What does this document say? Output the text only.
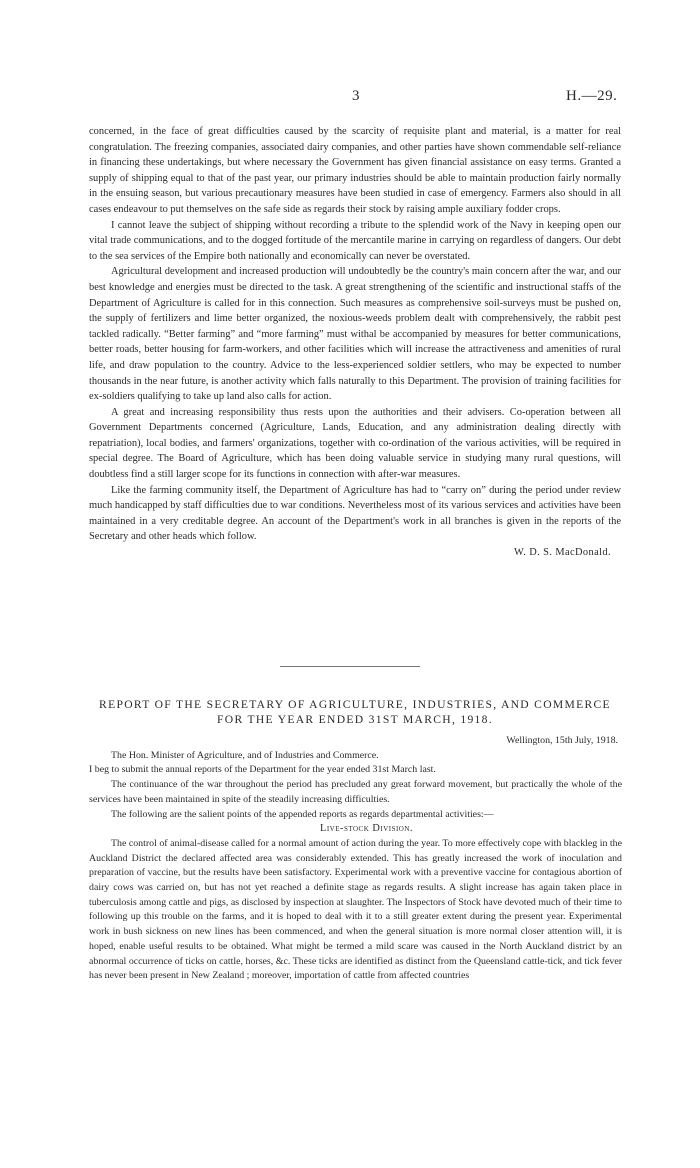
3	H.—29.

concerned, in the face of great difficulties caused by the scarcity of requisite plant and material, is a matter for real congratulation. The freezing companies, associated dairy companies, and other parties have shown commendable self-reliance in financing these undertakings, but where necessary the Government has given financial assistance on easy terms. Granted a supply of shipping equal to that of the past year, our primary industries should be able to maintain production fairly normally in the ensuing season, but various precautionary measures have been studied in case of emergency. Farmers also should in all cases endeavour to put themselves on the safe side as regards their stock by raising ample auxiliary fodder crops.

I cannot leave the subject of shipping without recording a tribute to the splendid work of the Navy in keeping open our vital trade communications, and to the dogged fortitude of the mercantile marine in carrying on regardless of dangers. Our debt to the sea services of the Empire both nationally and economically can never be overstated.

Agricultural development and increased production will undoubtedly be the country's main concern after the war, and our best knowledge and energies must be directed to the task. A great strengthening of the scientific and instructional staffs of the Department of Agriculture is called for in this connection. Such measures as comprehensive soil-surveys must be pushed on, the supply of fertilizers and lime better organized, the noxious-weeds problem dealt with comprehensively, the rabbit pest tackled radically. “Better farming” and “more farming” must withal be accompanied by measures for better communications, better roads, better housing for farm-workers, and other facilities which will increase the attractiveness and amenities of rural life, and draw population to the country. Advice to the less-experienced soldier settlers, who may be expected to number thousands in the near future, is another activity which falls naturally to this Department. The provision of training facilities for ex-soldiers qualifying to take up land also calls for action.

A great and increasing responsibility thus rests upon the authorities and their advisers. Co-operation between all Government Departments concerned (Agriculture, Lands, Education, and any administration dealing directly with repatriation), local bodies, and farmers' organizations, together with co-ordination of the various activities, will be required in special degree. The Board of Agriculture, which has been doing valuable service in studying many rural questions, will doubtless find a still larger scope for its functions in connection with after-war measures.

Like the farming community itself, the Department of Agriculture has had to “carry on” during the period under review much handicapped by staff difficulties due to war conditions. Nevertheless most of its various services and activities have been maintained in a very creditable degree. An account of the Department's work in all branches is given in the reports of the Secretary and other heads which follow.

W. D. S. MacDonald.

REPORT OF THE SECRETARY OF AGRICULTURE, INDUSTRIES, AND COMMERCE
FOR THE YEAR ENDED 31ST MARCH, 1918.

Wellington, 15th July, 1918.

The Hon. Minister of Agriculture, and of Industries and Commerce.

I beg to submit the annual reports of the Department for the year ended 31st March last.

The continuance of the war throughout the period has precluded any great forward movement, but practically the whole of the services have been maintained in spite of the steadily increasing difficulties.

The following are the salient points of the appended reports as regards departmental activities:—

Live-stock Division.

The control of animal-disease called for a normal amount of action during the year. To more effectively cope with blackleg in the Auckland District the declared affected area was considerably extended. This has greatly increased the work of inoculation and preparation of vaccine, but the results have been satisfactory. Experimental work with a preventive vaccine for contagious abortion of dairy cows was carried on, but has not yet reached a definite stage as regards results. A slight increase has again taken place in tuberculosis among cattle and pigs, as disclosed by inspection at slaughter. The Inspectors of Stock have devoted much of their time to following up this trouble on the farms, and it is hoped to deal with it to a still greater extent during the present year. Experimental work in bush sickness on new lines has been commenced, and when the general situation is more normal closer attention will, it is hoped, enable useful results to be obtained. What might be termed a mild scare was caused in the North Auckland district by an abnormal occurrence of ticks on cattle, horses, &c. These ticks are identified as distinct from the Queensland cattle-tick, and tick fever has never been present in New Zealand ; moreover, importation of cattle from affected countries
